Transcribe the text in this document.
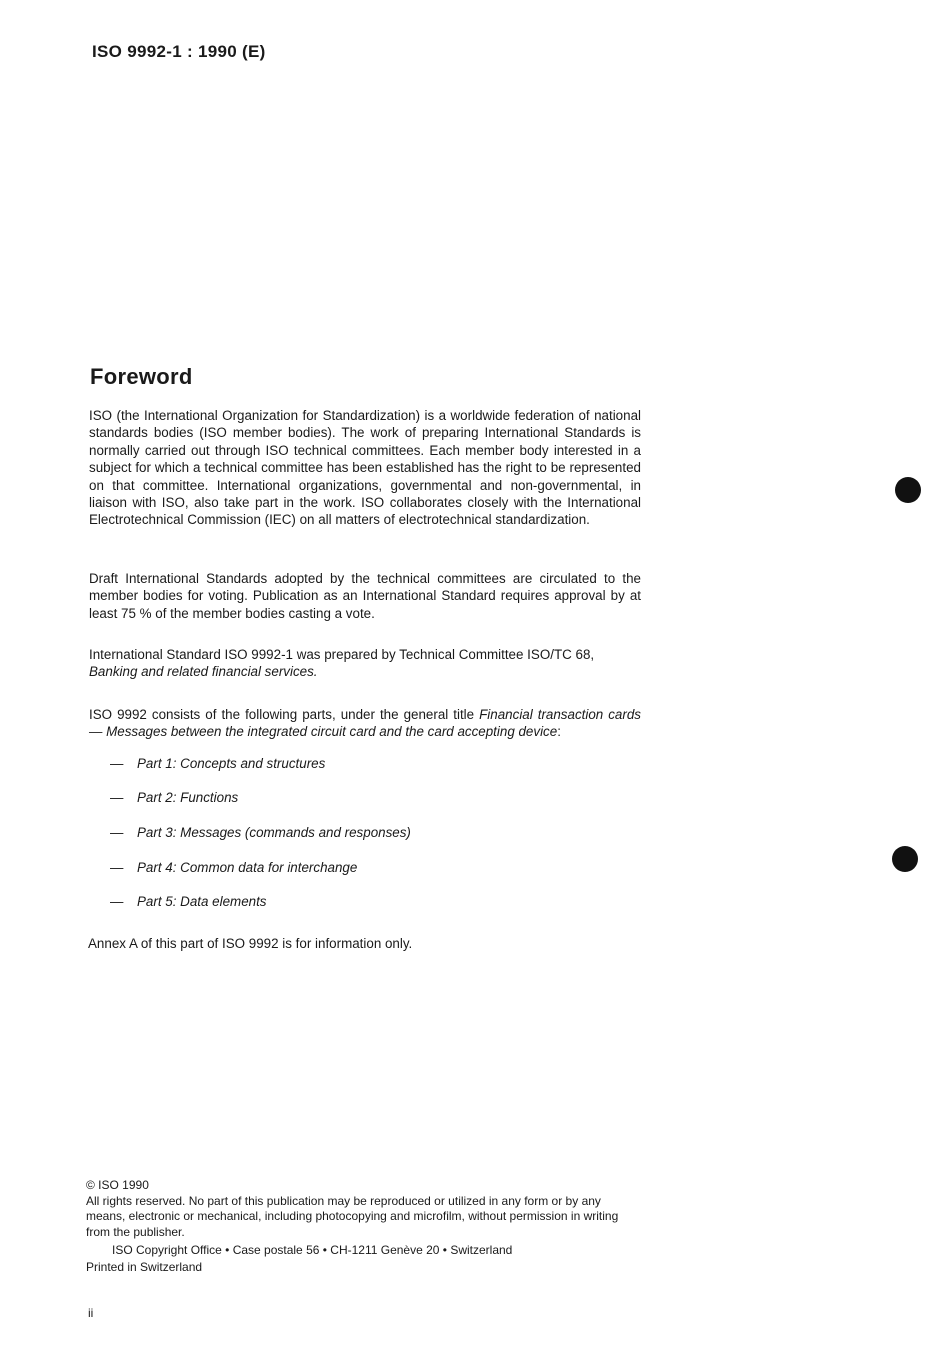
ISO 9992-1 : 1990 (E)
Foreword
ISO (the International Organization for Standardization) is a worldwide federation of national standards bodies (ISO member bodies). The work of preparing International Standards is normally carried out through ISO technical committees. Each member body interested in a subject for which a technical committee has been established has the right to be represented on that committee. International organizations, governmental and non-governmental, in liaison with ISO, also take part in the work. ISO collaborates closely with the International Electrotechnical Commission (IEC) on all matters of electrotechnical standardization.
Draft International Standards adopted by the technical committees are circulated to the member bodies for voting. Publication as an International Standard requires approval by at least 75 % of the member bodies casting a vote.
International Standard ISO 9992-1 was prepared by Technical Committee ISO/TC 68, Banking and related financial services.
ISO 9992 consists of the following parts, under the general title Financial transaction cards — Messages between the integrated circuit card and the card accepting device:
— Part 1: Concepts and structures
— Part 2: Functions
— Part 3: Messages (commands and responses)
— Part 4: Common data for interchange
— Part 5: Data elements
Annex A of this part of ISO 9992 is for information only.
© ISO 1990
All rights reserved. No part of this publication may be reproduced or utilized in any form or by any means, electronic or mechanical, including photocopying and microfilm, without permission in writing from the publisher.
ISO Copyright Office • Case postale 56 • CH-1211 Genève 20 • Switzerland
Printed in Switzerland
ii
